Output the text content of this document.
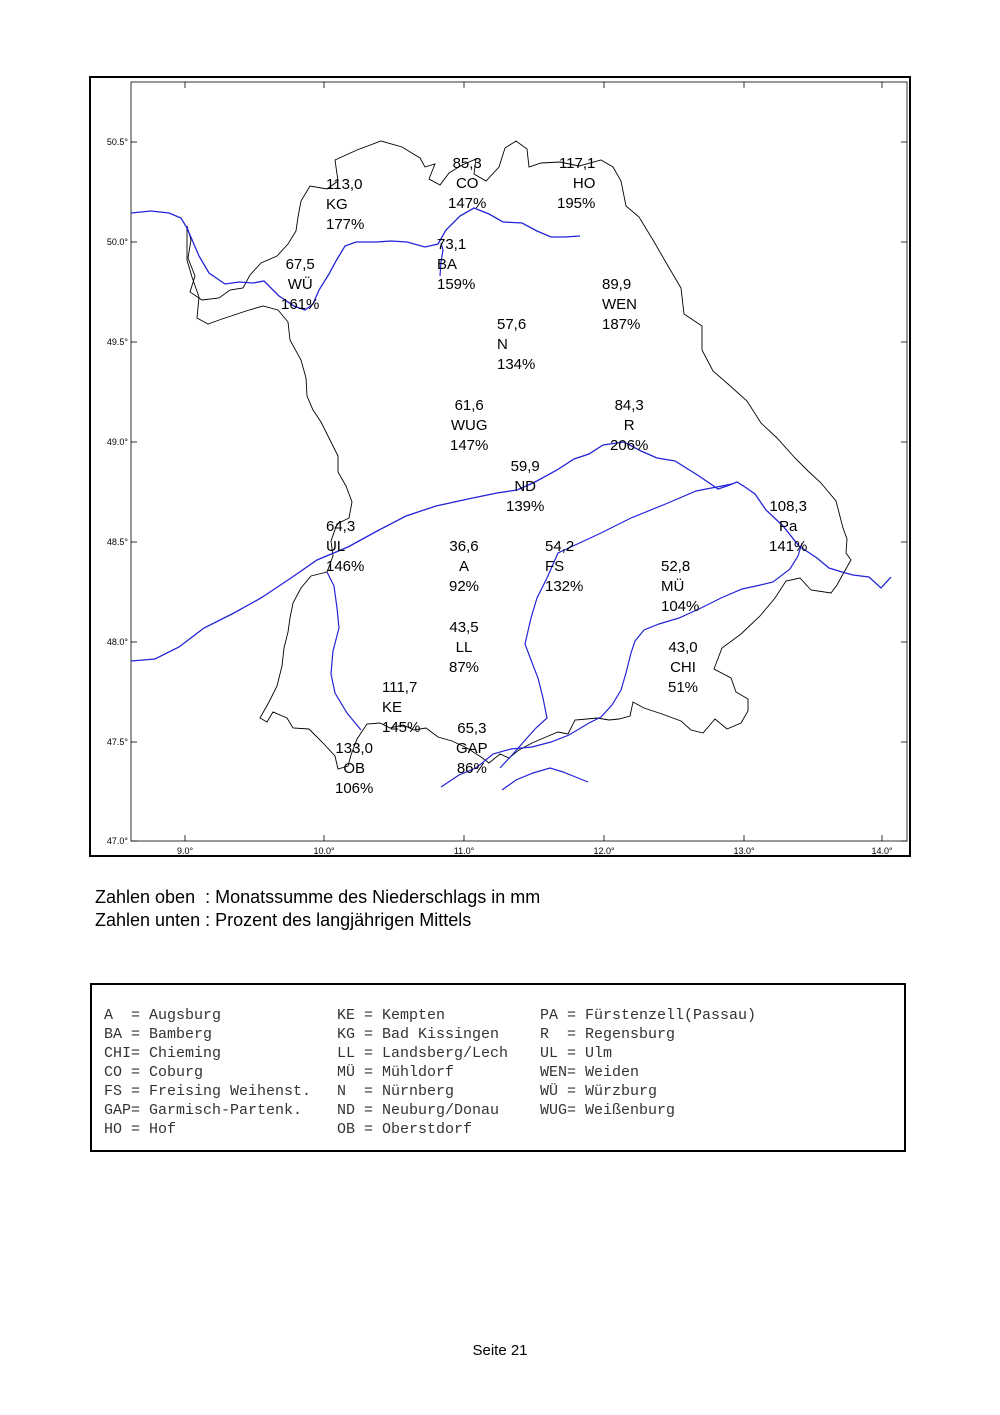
50.5°
50.0°
49.5°
49.0°
48.5°
48.0°
47.5°
47.0°
9.0°	10.0°	11.0°	12.0°	13.0°	14.0°
85,3
CO
147%
117,1
HO
195%
113,0
KG
177%
73,1
BA
159%
67,5
WÜ
161%
89,9
WEN
187%
57,6
N
134%
61,6
WUG
147%
84,3
R
206%
59,9
ND
139%	108,3
Pa
141%
64,3
UL
146%
36,6
A
92%
54,2
FS
132%
52,8
MÜ
104%
43,5
LL
87%
43,0
CHI
51%
111,7
KE
145% 65,3
GAP
86%
133,0
OB
106%
Zahlen oben  : Monatssumme des Niederschlags in mm
Zahlen unten : Prozent des langjährigen Mittels
A  = Augsburg	KE = Kempten	PA = Fürstenzell(Passau)
BA = Bamberg	KG = Bad Kissingen	R  = Regensburg
CHI= Chieming	LL = Landsberg/Lech	UL = Ulm
CO = Coburg	MÜ = Mühldorf	WEN= Weiden
FS = Freising Weihenst.	N  = Nürnberg	WÜ = Würzburg
GAP= Garmisch-Partenk.	ND = Neuburg/Donau	WUG= Weißenburg
HO = Hof	OB = Oberstdorf	
Seite 21
